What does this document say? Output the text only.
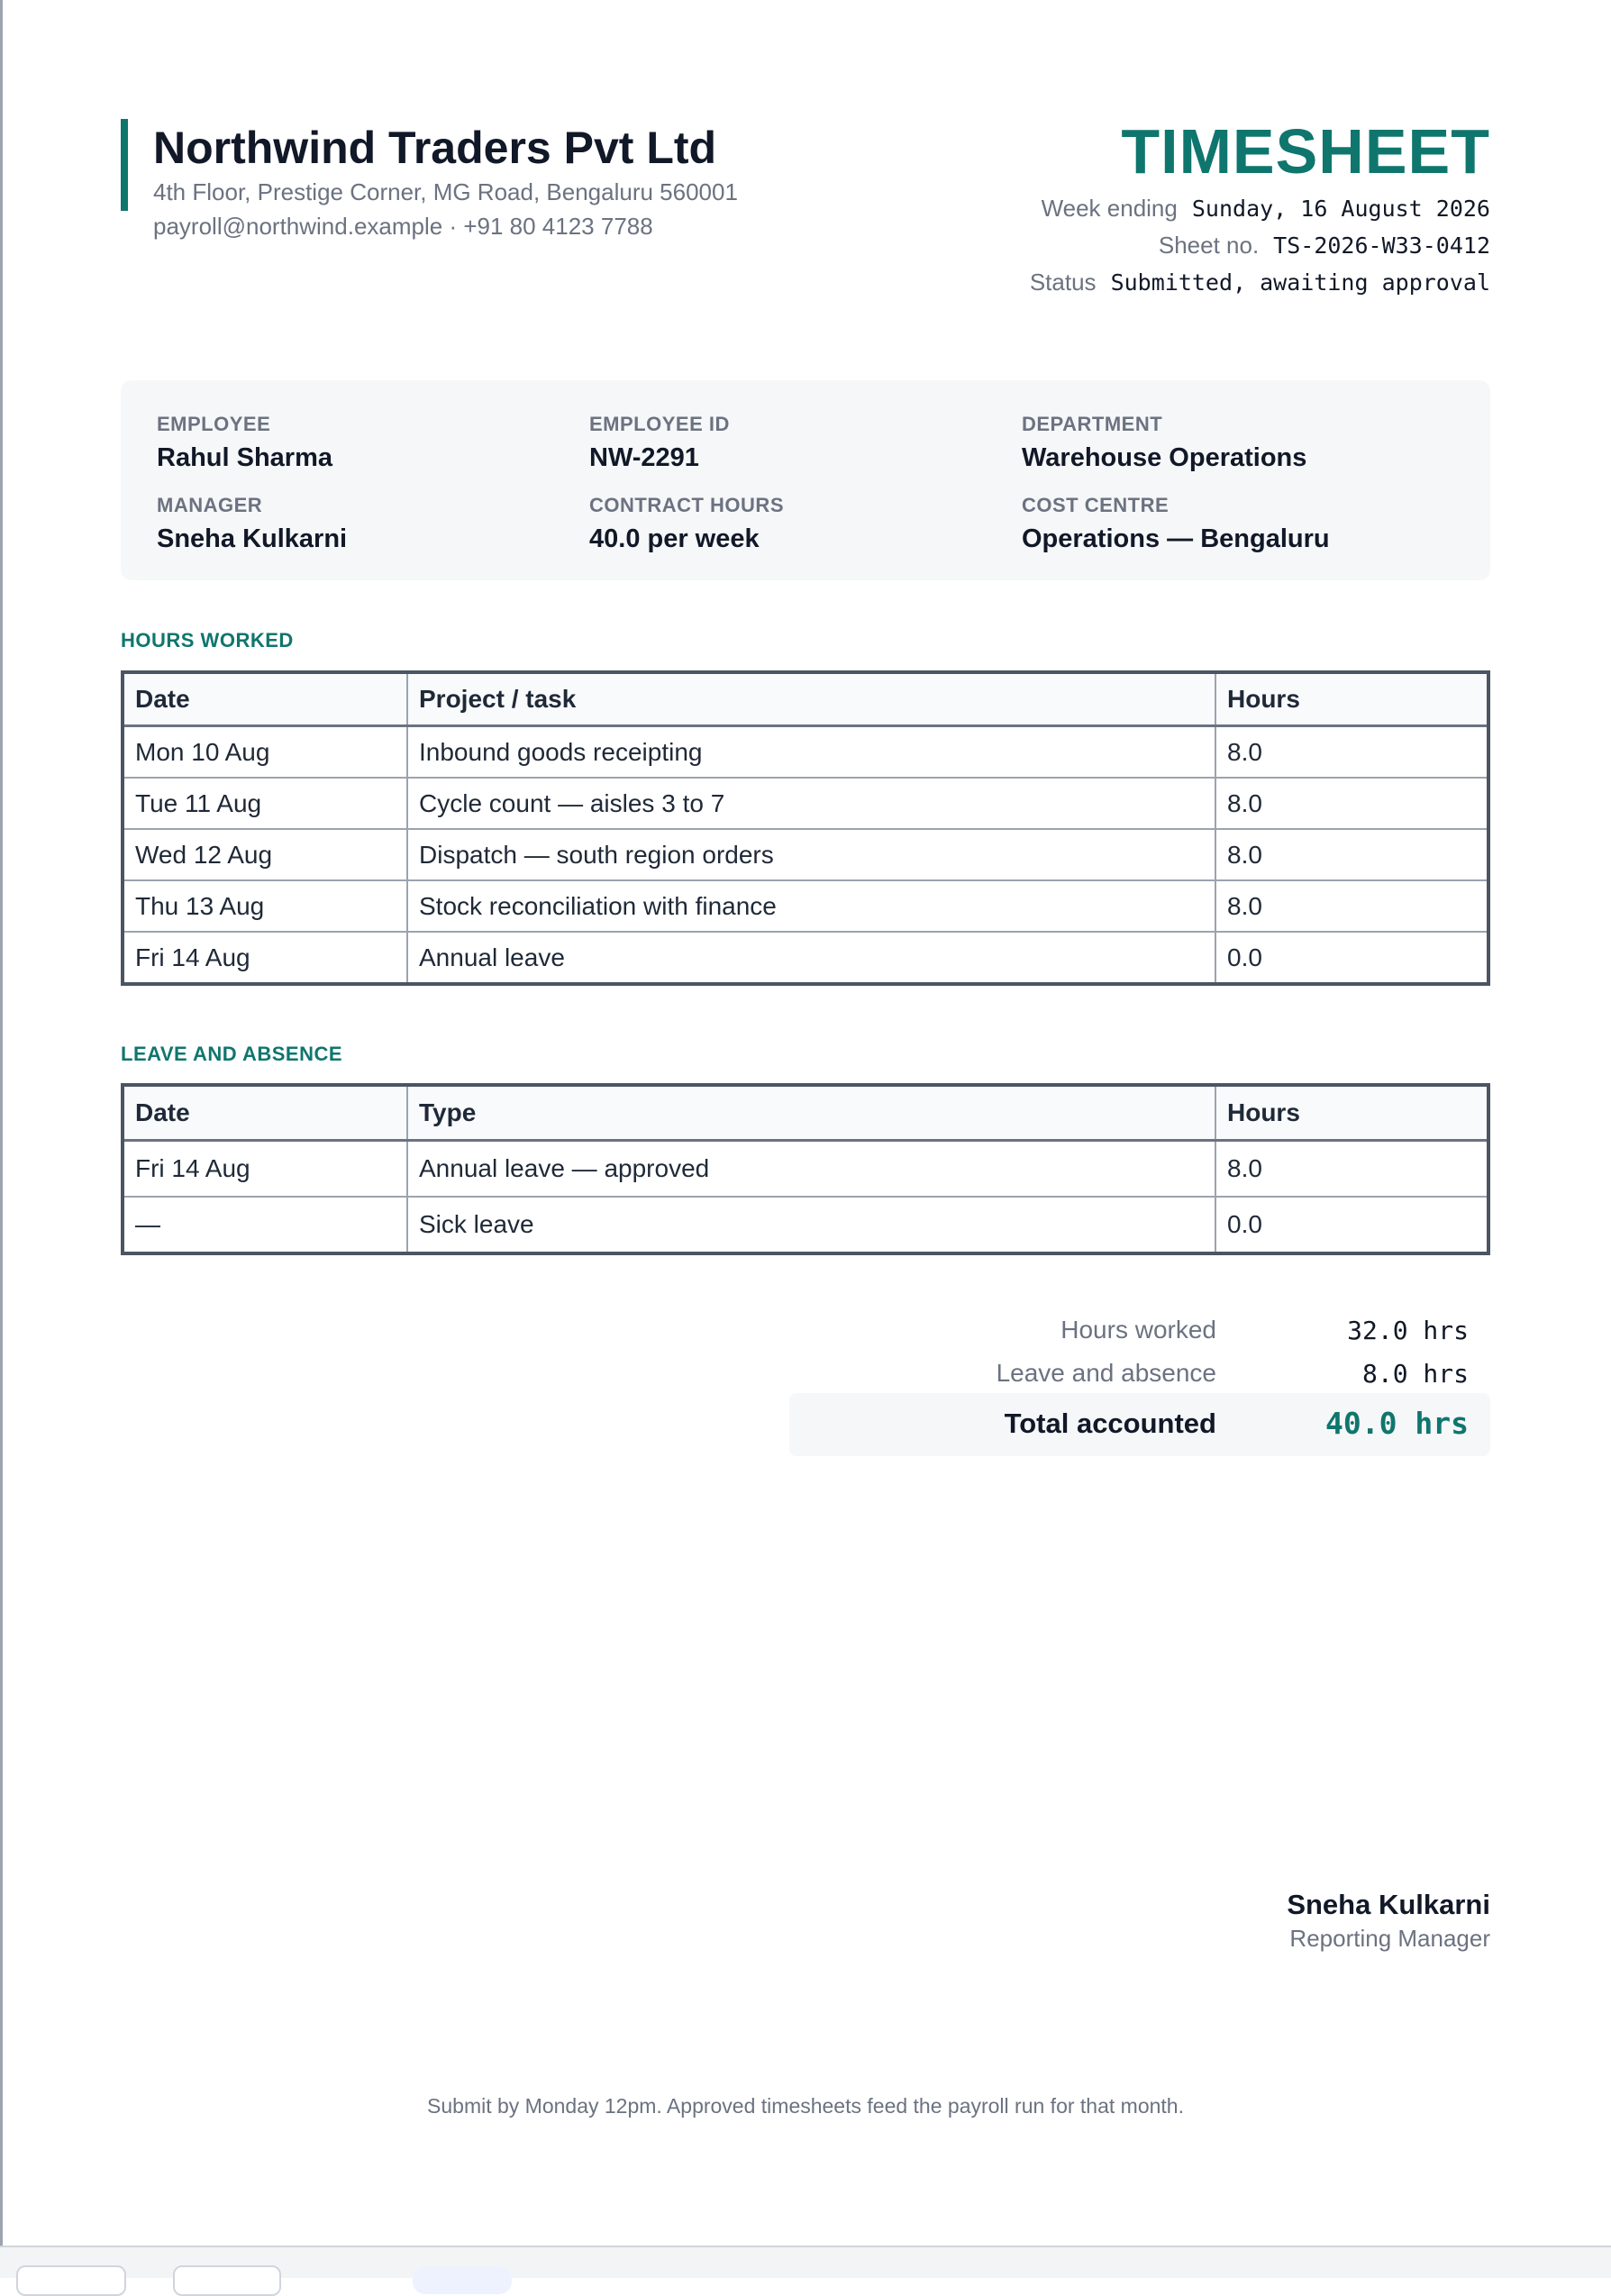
Northwind Traders Pvt Ltd
4th Floor, Prestige Corner, MG Road, Bengaluru 560001
payroll@northwind.example · +91 80 4123 7788
TIMESHEET
Week ending Sunday, 16 August 2026
Sheet no. TS-2026-W33-0412
Status Submitted, awaiting approval
EMPLOYEE
Rahul Sharma
EMPLOYEE ID
NW-2291
DEPARTMENT
Warehouse Operations
MANAGER
Sneha Kulkarni
CONTRACT HOURS
40.0 per week
COST CENTRE
Operations — Bengaluru
HOURS WORKED
Date	Project / task	Hours
Mon 10 Aug	Inbound goods receipting	8.0
Tue 11 Aug	Cycle count — aisles 3 to 7	8.0
Wed 12 Aug	Dispatch — south region orders	8.0
Thu 13 Aug	Stock reconciliation with finance	8.0
Fri 14 Aug	Annual leave	0.0
LEAVE AND ABSENCE
Date	Type	Hours
Fri 14 Aug	Annual leave — approved	8.0
—	Sick leave	0.0
Hours worked	32.0 hrs
Leave and absence	8.0 hrs
Total accounted	40.0 hrs
Sneha Kulkarni
Reporting Manager
Submit by Monday 12pm. Approved timesheets feed the payroll run for that month.
